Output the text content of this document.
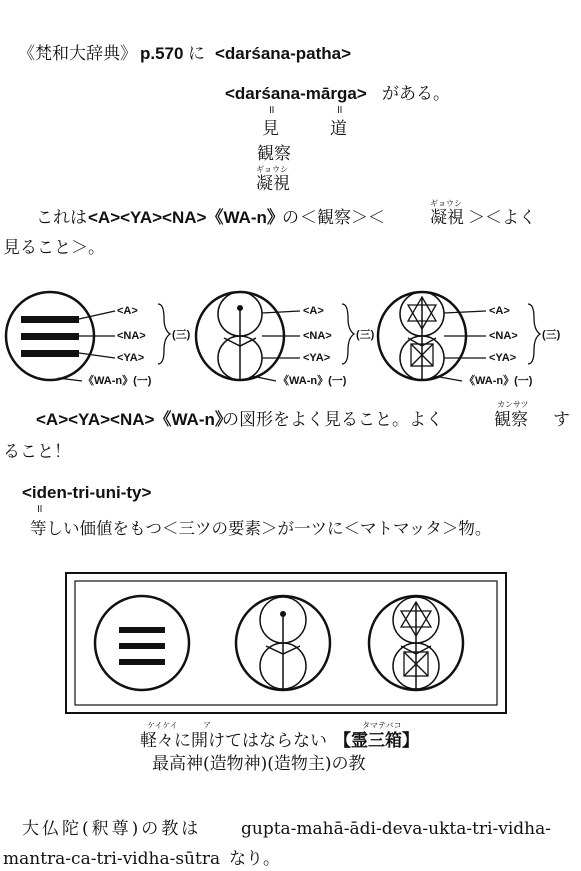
《梵和大辞典》 p.570 に <darśana-patha>
<darśana-mārga> がある。
॥	॥
見	道
観察
ギョウシ
凝視
これは <A><YA><NA>《WA-n》
の ＜観察＞＜
ギョウシ
凝視 ＞＜よく
見ること＞。
<A>
<NA>
<YA>
(三)
《WA-n》(一)
<A>
<NA>
<YA>
(三)
《WA-n》(一)
<A>
<NA>
<YA>
(三)
《WA-n》(一)
<A><YA><NA>《WA-n》
の図形をよく見ること。よく
カンサツ
観察 す
ること！
<iden-tri-uni-ty>
॥
等しい価値をもつ＜三ツの要素＞が一ツに＜マトマッタ＞物。
ケイケイ	ア	タマテバコ
軽々に開けてはならない 【霊三箱】
最高神(造物神)(造物主)の教
大仏陀(釈尊)の教は gupta-mahā-ādi-deva-ukta-tri-vidha-
mantra-ca-tri-vidha-sūtra なり。
